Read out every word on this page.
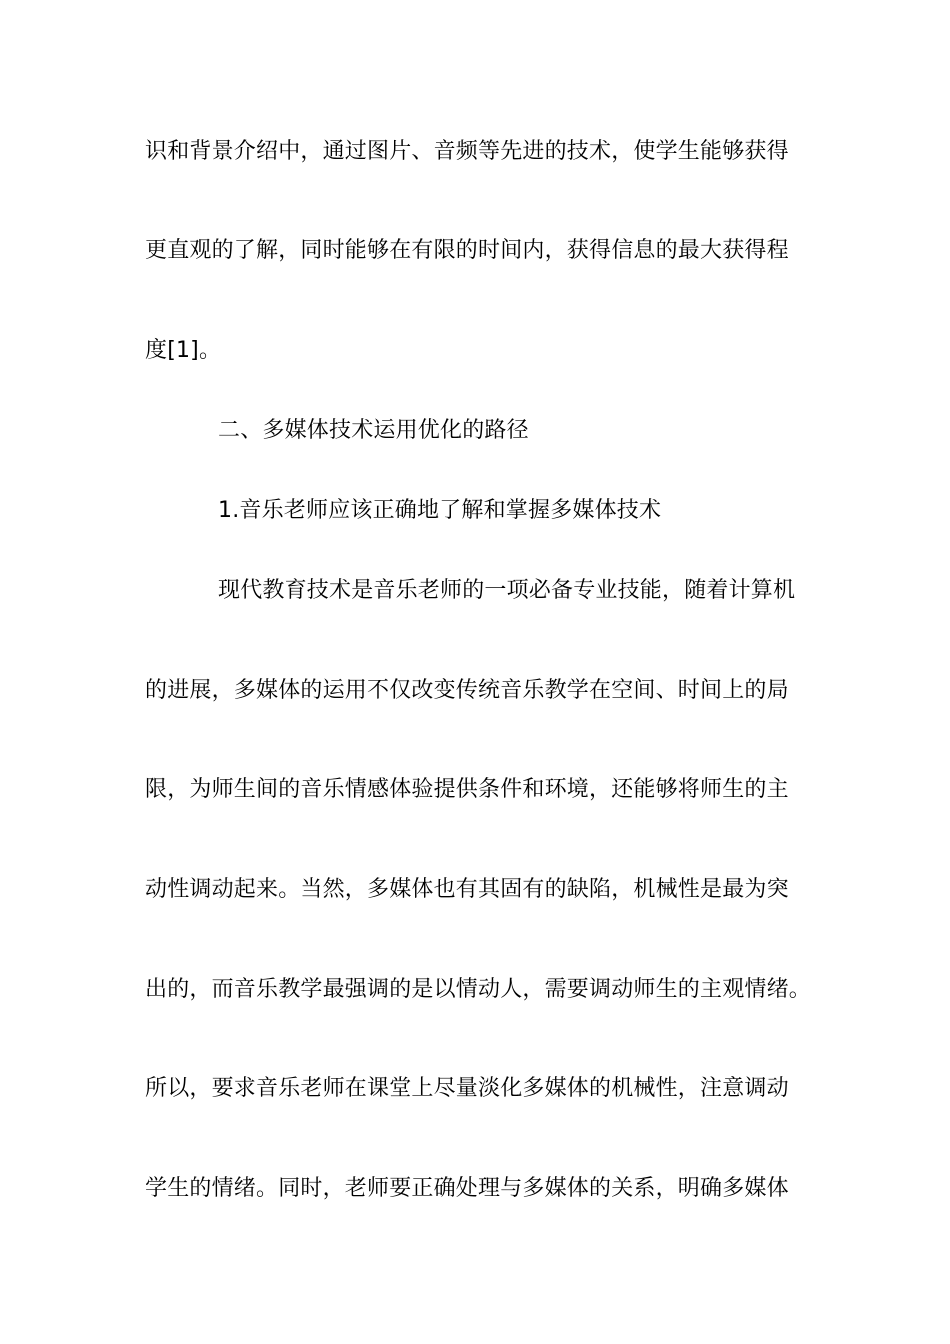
识和背景介绍中，通过图片、音频等先进的技术，使学生能够获得
更直观的了解，同时能够在有限的时间内，获得信息的最大获得程
度[1]。
二、多媒体技术运用优化的路径
1.音乐老师应该正确地了解和掌握多媒体技术
现代教育技术是音乐老师的一项必备专业技能，随着计算机
的进展，多媒体的运用不仅改变传统音乐教学在空间、时间上的局
限，为师生间的音乐情感体验提供条件和环境，还能够将师生的主
动性调动起来。当然，多媒体也有其固有的缺陷，机械性是最为突
出的，而音乐教学最强调的是以情动人，需要调动师生的主观情绪。
所以，要求音乐老师在课堂上尽量淡化多媒体的机械性，注意调动
学生的情绪。同时，老师要正确处理与多媒体的关系，明确多媒体
